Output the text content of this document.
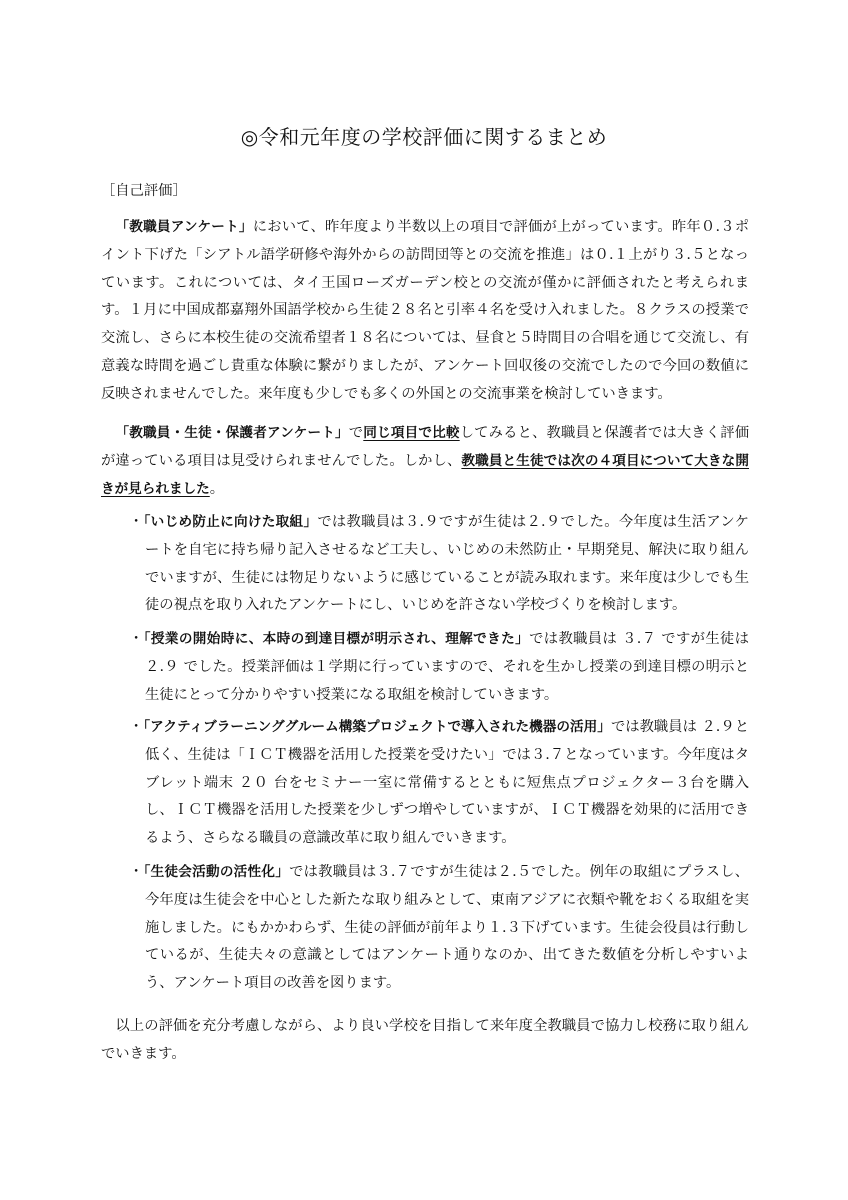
◎令和元年度の学校評価に関するまとめ
［自己評価］

「教職員アンケート」において、昨年度より半数以上の項目で評価が上がっています。昨年０.３ポイント下げた「シアトル語学研修や海外からの訪問団等との交流を推進」は０.１上がり３.５となっています。これについては、タイ王国ローズガーデン校との交流が僅かに評価されたと考えられます。１月に中国成都嘉翔外国語学校から生徒２８名と引率４名を受け入れました。８クラスの授業で交流し、さらに本校生徒の交流希望者１８名については、昼食と５時間目の合唱を通じて交流し、有意義な時間を過ごし貴重な体験に繋がりましたが、アンケート回収後の交流でしたので今回の数値に反映されませんでした。来年度も少しでも多くの外国との交流事業を検討していきます。

「教職員・生徒・保護者アンケート」で同じ項目で比較してみると、教職員と保護者では大きく評価が違っている項目は見受けられませんでした。しかし、教職員と生徒では次の４項目について大きな開きが見られました。

・「いじめ防止に向けた取組」では教職員は３.９ですが生徒は２.９でした。今年度は生活アンケートを自宅に持ち帰り記入させるなど工夫し、いじめの未然防止・早期発見、解決に取り組んでいますが、生徒には物足りないように感じていることが読み取れます。来年度は少しでも生徒の視点を取り入れたアンケートにし、いじめを許さない学校づくりを検討します。

・「授業の開始時に、本時の到達目標が明示され、理解できた」では教職員は ３.７ ですが生徒は ２.９ でした。授業評価は１学期に行っていますので、それを生かし授業の到達目標の明示と生徒にとって分かりやすい授業になる取組を検討していきます。

・「アクティブラーニンググルーム構築プロジェクトで導入された機器の活用」では教職員は ２.９と低く、生徒は「ＩＣＴ機器を活用した授業を受けたい」では３.７となっています。今年度はタブレット端末 ２０ 台をセミナー一室に常備するとともに短焦点プロジェクター３台を購入し、ＩＣＴ機器を活用した授業を少しずつ増やしていますが、ＩＣＴ機器を効果的に活用できるよう、さらなる職員の意識改革に取り組んでいきます。

・「生徒会活動の活性化」では教職員は３.７ですが生徒は２.５でした。例年の取組にプラスし、今年度は生徒会を中心とした新たな取り組みとして、東南アジアに衣類や靴をおくる取組を実施しました。にもかかわらず、生徒の評価が前年より１.３下げています。生徒会役員は行動しているが、生徒夫々の意識としてはアンケート通りなのか、出てきた数値を分析しやすいよう、アンケート項目の改善を図ります。

以上の評価を充分考慮しながら、より良い学校を目指して来年度全教職員で協力し校務に取り組んでいきます。
